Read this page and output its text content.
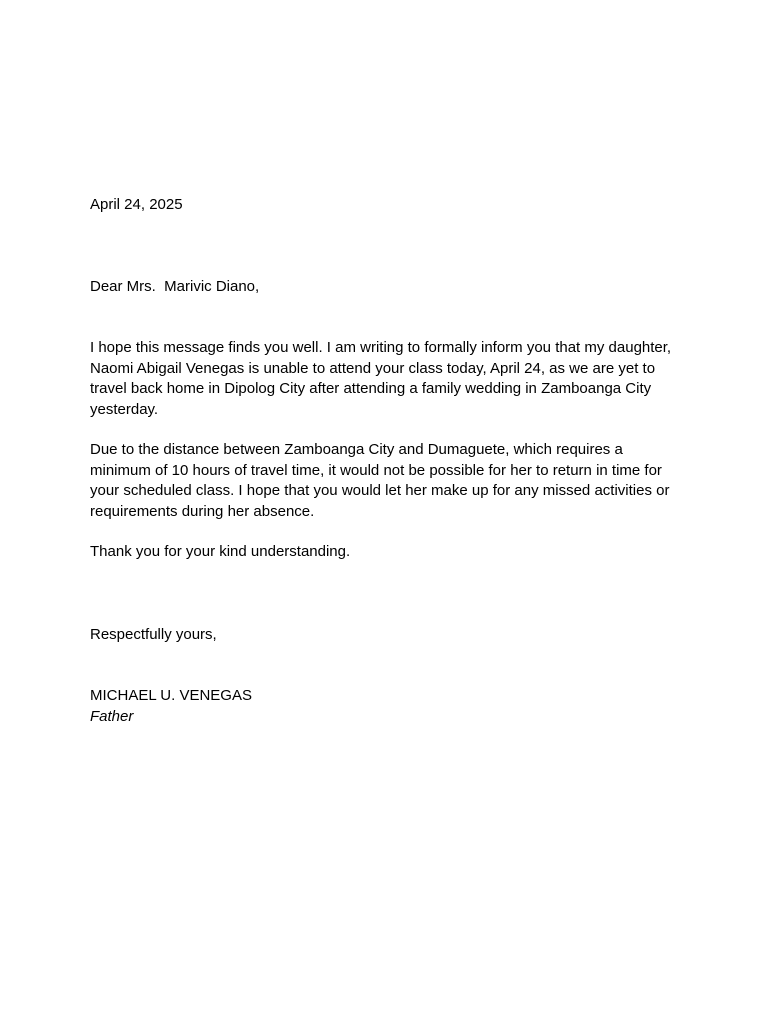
April 24, 2025

Dear Mrs.  Marivic Diano,

I hope this message finds you well. I am writing to formally inform you that my daughter,
Naomi Abigail Venegas is unable to attend your class today, April 24, as we are yet to
travel back home in Dipolog City after attending a family wedding in Zamboanga City
yesterday.

Due to the distance between Zamboanga City and Dumaguete, which requires a
minimum of 10 hours of travel time, it would not be possible for her to return in time for
your scheduled class. I hope that you would let her make up for any missed activities or
requirements during her absence.

Thank you for your kind understanding.

Respectfully yours,

MICHAEL U. VENEGAS

Father
